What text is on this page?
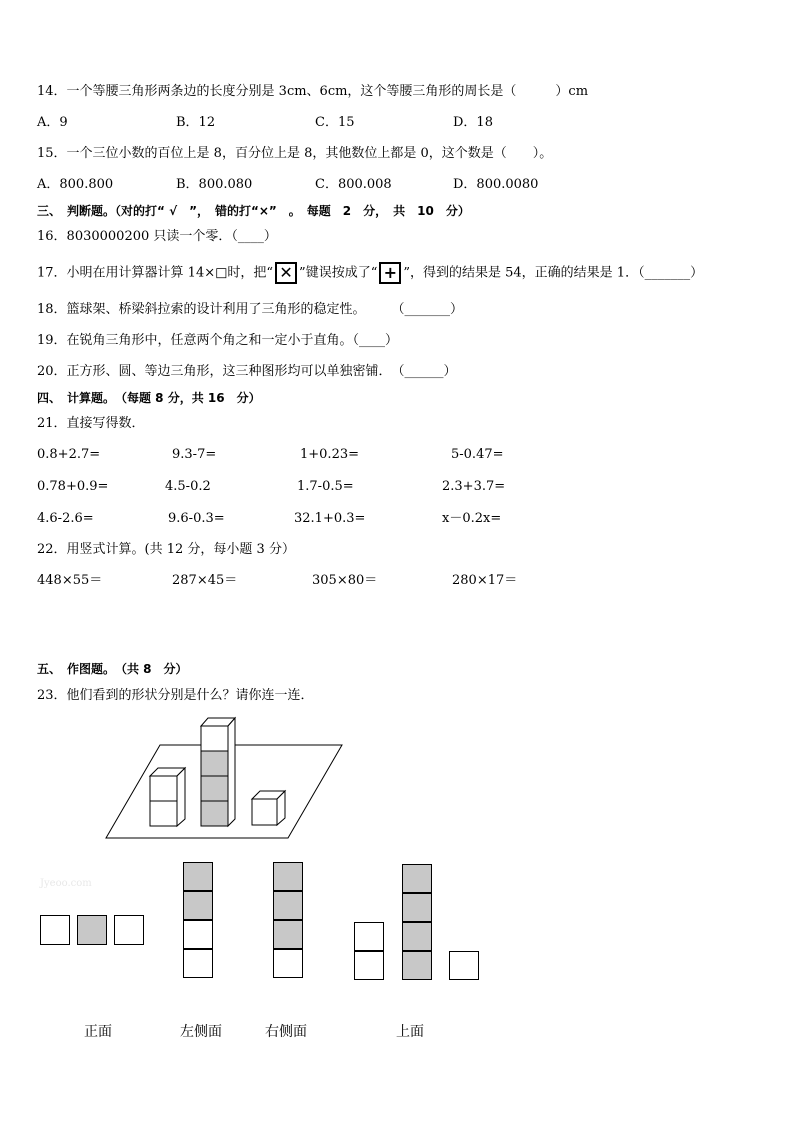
14．一个等腰三角形两条边的长度分别是 3cm、6cm，这个等腰三角形的周长是（　　　）cm
A．9	B．12	C．15	D．18
15．一个三位小数的百位上是 8，百分位上是 8，其他数位上都是 0，这个数是（　　）。
A．800.800	B．800.080	C．800.008	D．800.0080
三、　判断题。（对的打“ √　”，　错的打“×”　。　每题　2　分，　共　10　分）
16．8030000200 只读一个零．（____）
17．小明在用计算器计算 14×□时，把“ ✕ ”键误按成了“ + ”，得到的结果是 54，正确的结果是 1．（_______）
18．篮球架、桥梁斜拉索的设计利用了三角形的稳定性。　　　（_______）
19．在锐角三角形中，任意两个角之和一定小于直角。（____）
20．正方形、圆、等边三角形，这三种图形均可以单独密铺．　（______）
四、　计算题。　（每题 8 分，共 16　分）
21．直接写得数．
0.8+2.7=	9.3-7=	1+0.23=	5-0.47=
0.78+0.9=	4.5-0.2	1.7-0.5=	2.3+3.7=
4.6-2.6=	9.6-0.3=	32.1+0.3=	x－0.2x=
22．用竖式计算。(共 12 分，每小题 3 分）
448×55＝	287×45＝	305×80＝	280×17＝
五、　作图题。　（共 8　分）
23．他们看到的形状分别是什么？请你连一连．
Jyeoo.com
正面	左侧面	右侧面	上面
